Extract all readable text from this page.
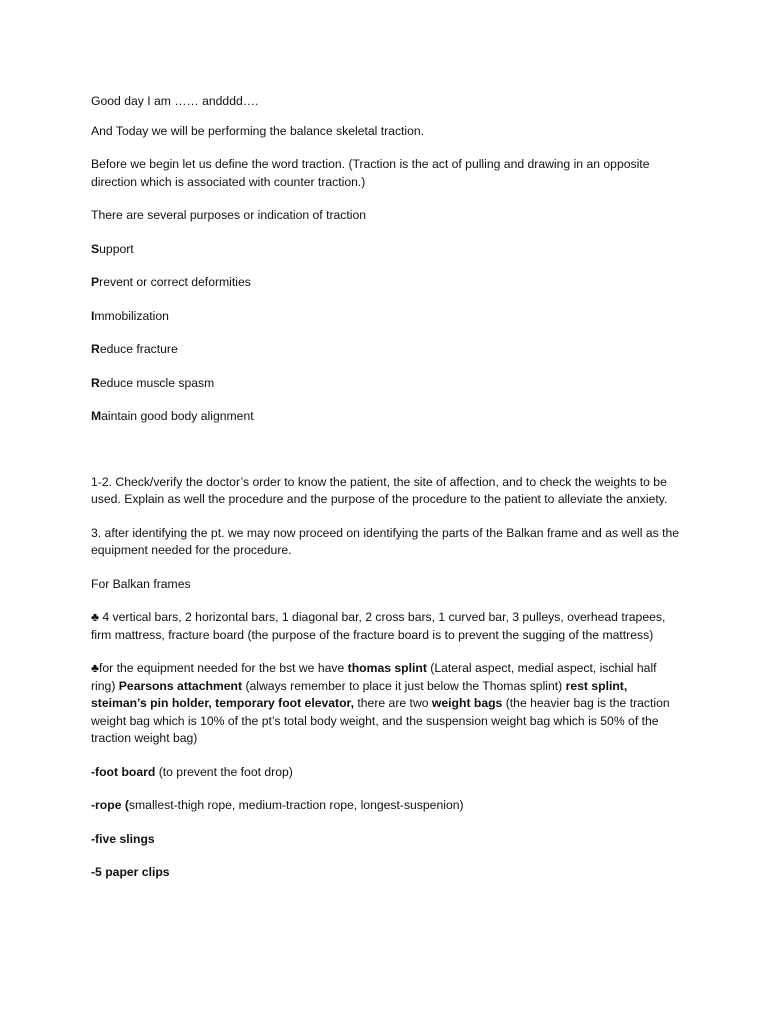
Good day I am …… andddd….

And Today we will be performing the balance skeletal traction.

Before we begin let us define the word traction. (Traction is the act of pulling and drawing in an opposite direction which is associated with counter traction.)

There are several purposes or indication of traction

Support

Prevent or correct deformities

Immobilization

Reduce fracture

Reduce muscle spasm

Maintain good body alignment

1-2. Check/verify the doctor’s order to know the patient, the site of affection, and to check the weights to be used. Explain as well the procedure and the purpose of the procedure to the patient to alleviate the anxiety.

3. after identifying the pt. we may now proceed on identifying the parts of the Balkan frame and as well as the equipment needed for the procedure.

For Balkan frames

♣ 4 vertical bars, 2 horizontal bars, 1 diagonal bar, 2 cross bars, 1 curved bar, 3 pulleys, overhead trapees, firm mattress, fracture board (the purpose of the fracture board is to prevent the sugging of the mattress)

♣for the equipment needed for the bst we have thomas splint (Lateral aspect, medial aspect, ischial half ring) Pearsons attachment (always remember to place it just below the Thomas splint) rest splint, steiman’s pin holder, temporary foot elevator, there are two weight bags (the heavier bag is the traction weight bag which is 10% of the pt’s total body weight, and the suspension weight bag which is 50% of the traction weight bag)

-foot board (to prevent the foot drop)

-rope (smallest-thigh rope, medium-traction rope, longest-suspenion)

-five slings

-5 paper clips
